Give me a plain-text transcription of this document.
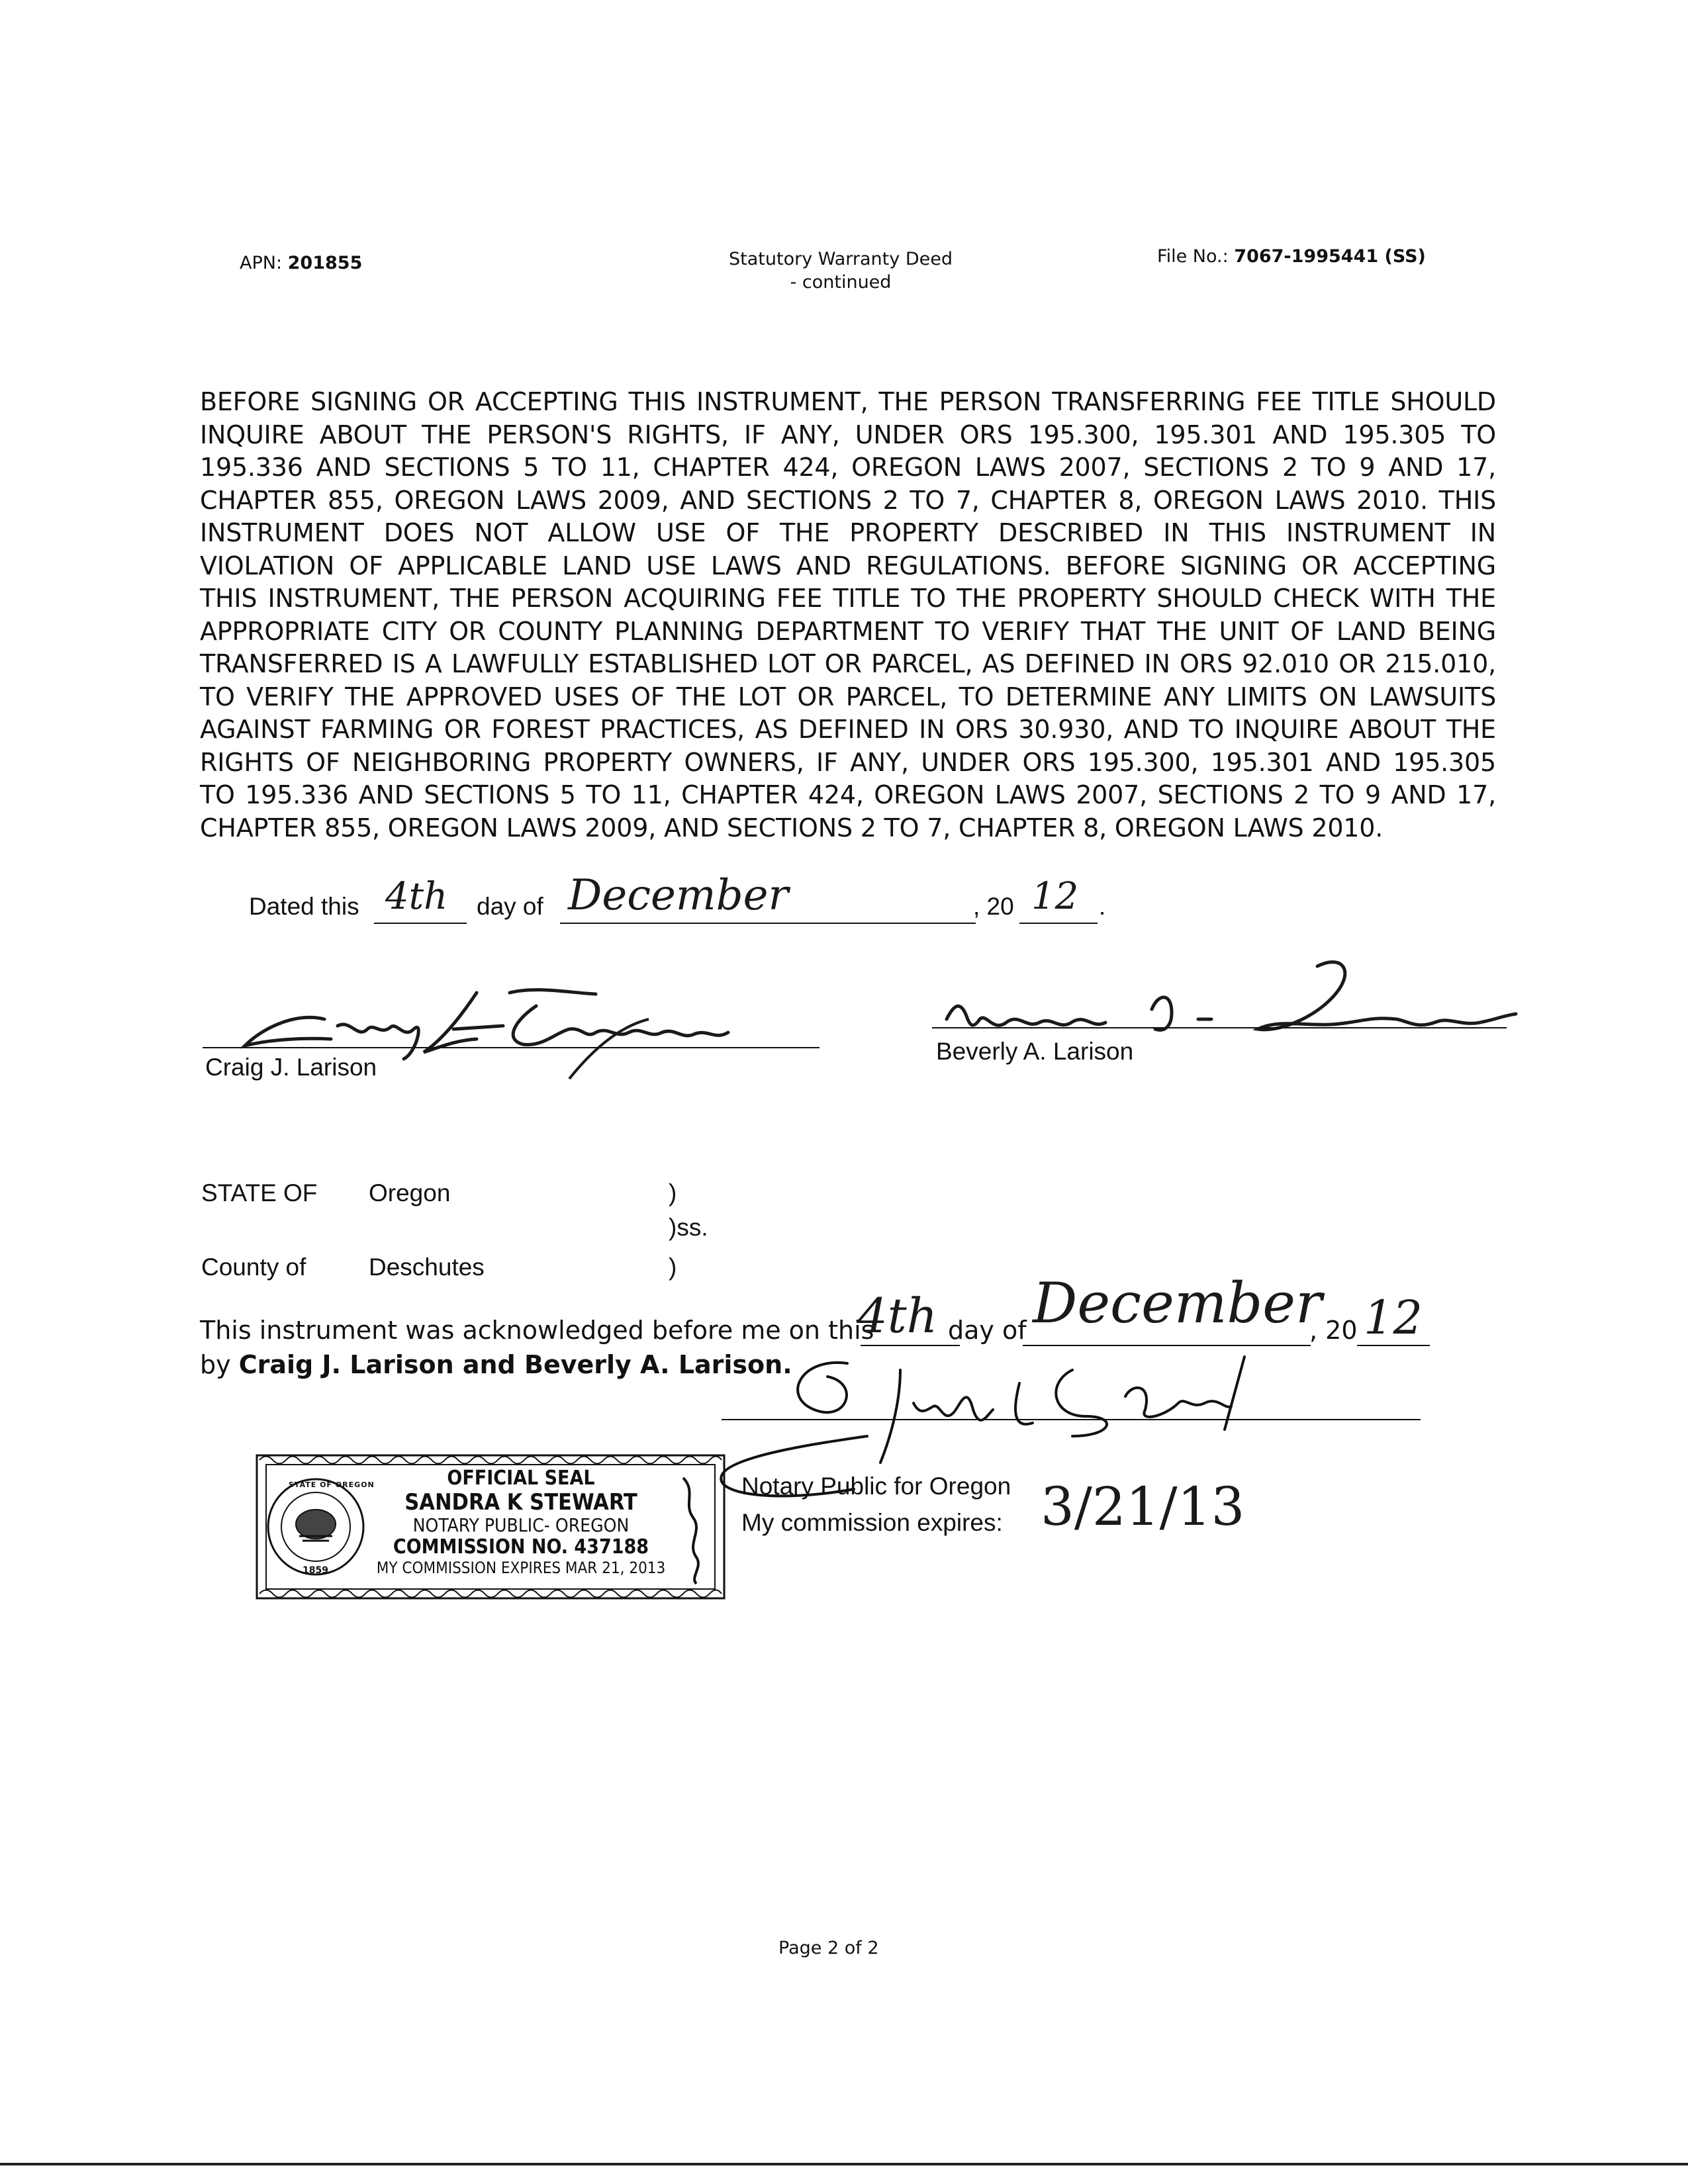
APN: 201855	Statutory Warranty Deed
- continued
File No.: 7067-1995441 (SS)
BEFORE SIGNING OR ACCEPTING THIS INSTRUMENT, THE PERSON TRANSFERRING FEE TITLE SHOULD
INQUIRE ABOUT THE PERSON'S RIGHTS, IF ANY, UNDER ORS 195.300, 195.301 AND 195.305 TO
195.336 AND SECTIONS 5 TO 11, CHAPTER 424, OREGON LAWS 2007, SECTIONS 2 TO 9 AND 17,
CHAPTER 855, OREGON LAWS 2009, AND SECTIONS 2 TO 7, CHAPTER 8, OREGON LAWS 2010. THIS
INSTRUMENT DOES NOT ALLOW USE OF THE PROPERTY DESCRIBED IN THIS INSTRUMENT IN
VIOLATION OF APPLICABLE LAND USE LAWS AND REGULATIONS. BEFORE SIGNING OR ACCEPTING
THIS INSTRUMENT, THE PERSON ACQUIRING FEE TITLE TO THE PROPERTY SHOULD CHECK WITH THE
APPROPRIATE CITY OR COUNTY PLANNING DEPARTMENT TO VERIFY THAT THE UNIT OF LAND BEING
TRANSFERRED IS A LAWFULLY ESTABLISHED LOT OR PARCEL, AS DEFINED IN ORS 92.010 OR 215.010,
TO VERIFY THE APPROVED USES OF THE LOT OR PARCEL, TO DETERMINE ANY LIMITS ON LAWSUITS
AGAINST FARMING OR FOREST PRACTICES, AS DEFINED IN ORS 30.930, AND TO INQUIRE ABOUT THE
RIGHTS OF NEIGHBORING PROPERTY OWNERS, IF ANY, UNDER ORS 195.300, 195.301 AND 195.305
TO 195.336 AND SECTIONS 5 TO 11, CHAPTER 424, OREGON LAWS 2007, SECTIONS 2 TO 9 AND 17,
CHAPTER 855, OREGON LAWS 2009, AND SECTIONS 2 TO 7, CHAPTER 8, OREGON LAWS 2010.
Dated this 4th day of December	, 20 12 .
Craig J. Larison
Beverly A. Larison
STATE OF Oregon	)
)ss.
County of	Deschutes	)
This instrument was acknowledged before me on this
4th day of December
, 20 12
by Craig J. Larison and Beverly A. Larison.
Notary Public for Oregon
My commission expires: 3/21/13
1859
STATE OF OREGON	OFFICIAL SEAL
SANDRA K STEWART
NOTARY PUBLIC- OREGON
COMMISSION NO. 437188
MY COMMISSION EXPIRES MAR 21, 2013
Page 2 of 2
